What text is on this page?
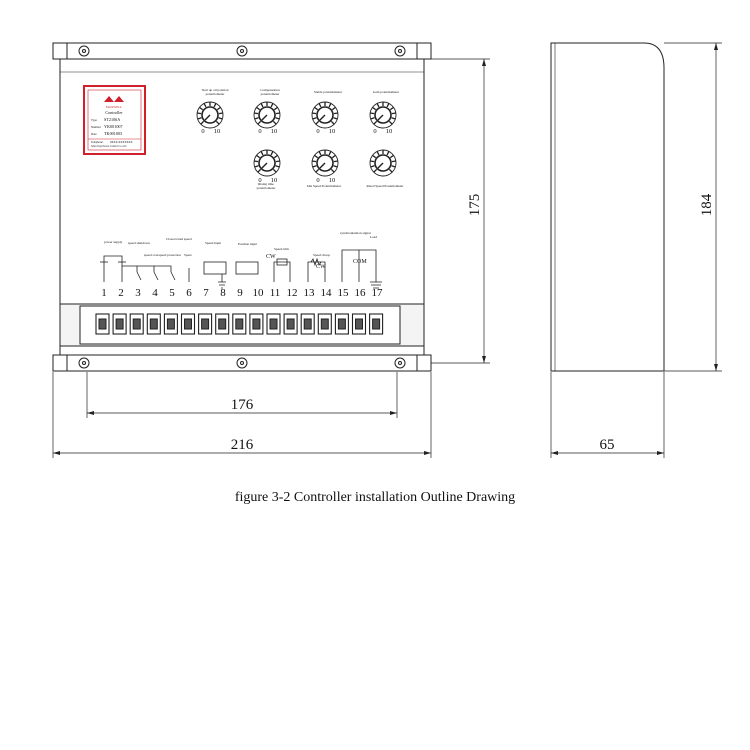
MAXWELL
Controller
Type ST2106A
Number YK001007
Date TK001003
Telephone: 0XXX-XXXXXXX
Xi'an Topt Power Control Co.,Ltd
Start up oil position
potentiometer
Compensation
potentiometer	Stable potentiometer	Gain potentiometer
Rising time
potentiometer	Idle Speed Potentiometer	Rated Speed Potentiometer
0 10	0 10	0 10	0 10
0 10	0 10
power supply speed shutdown
speed overspeed protection
Closed rated speed
Spare
Speed input	Position input
Speed trim
Speed droop
synchronization signal
Load
CW
CW
COM
1 2 3 4 5 6 7 8 9 10 11 12 13 14 15 16 17
176
216
175	184
65
figure 3-2 Controller installation Outline Drawing
